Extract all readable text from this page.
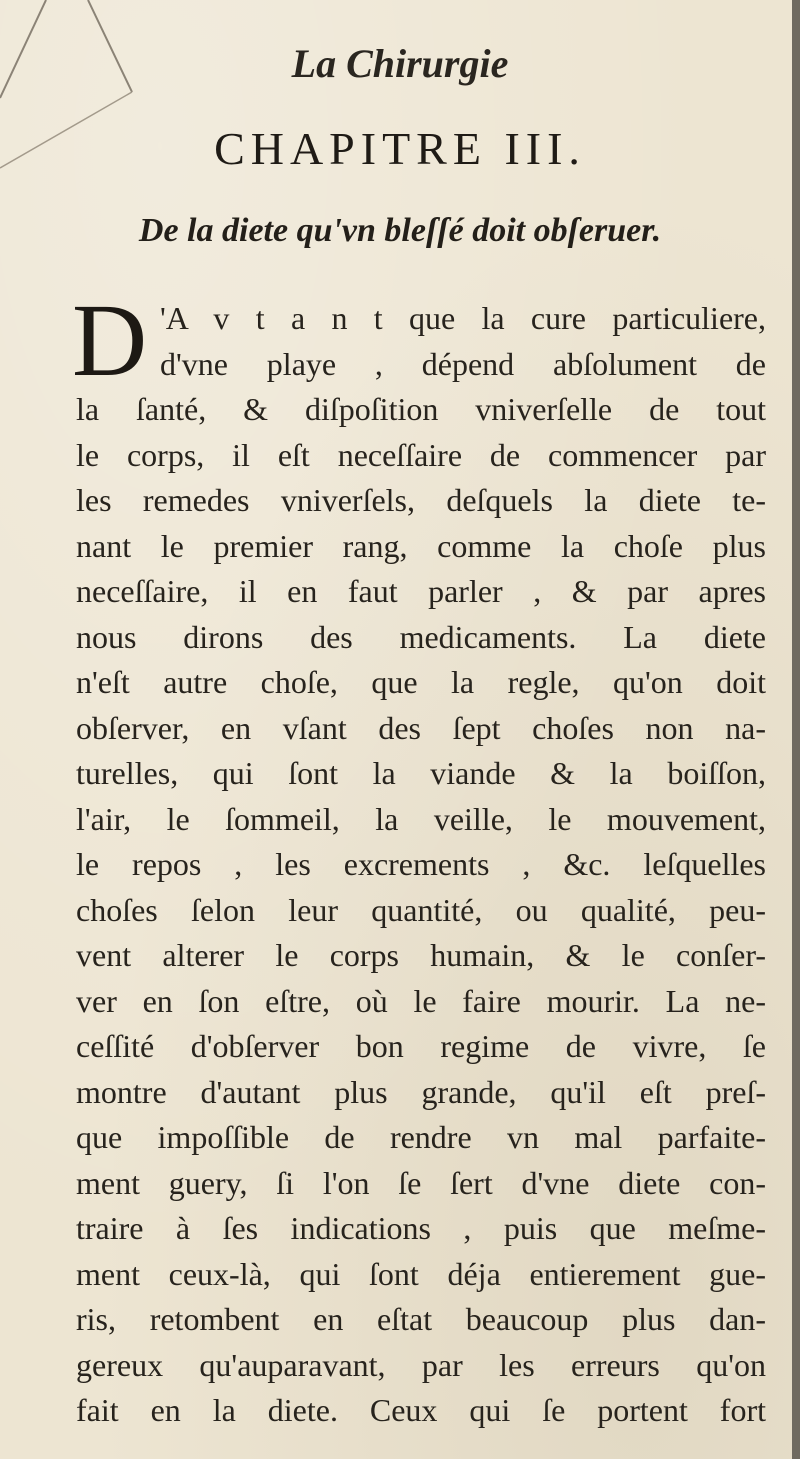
La Chirurgie
CHAPITRE III.
De la diete qu'vn bleſſé doit obſeruer.
D 'A v t a n t que la cure particuliere,
d'vne playe , dépend abſolument de
la ſanté, & diſpoſition vniverſelle de tout
le corps, il eſt neceſſaire de commencer par
les remedes vniverſels, deſquels la diete te-
nant le premier rang, comme la choſe plus
neceſſaire, il en faut parler , & par apres
nous dirons des medicaments. La diete
n'eſt autre choſe, que la regle, qu'on doit
obſerver, en vſant des ſept choſes non na-
turelles, qui ſont la viande & la boiſſon,
l'air, le ſommeil, la veille, le mouvement,
le repos , les excrements , &c. leſquelles
choſes ſelon leur quantité, ou qualité, peu-
vent alterer le corps humain, & le conſer-
ver en ſon eſtre, où le faire mourir. La ne-
ceſſité d'obſerver bon regime de vivre, ſe
montre d'autant plus grande, qu'il eſt preſ-
que impoſſible de rendre vn mal parfaite-
ment guery, ſi l'on ſe ſert d'vne diete con-
traire à ſes indications , puis que meſme-
ment ceux-là, qui ſont déja entierement gue-
ris, retombent en eſtat beaucoup plus dan-
gereux qu'auparavant, par les erreurs qu'on
fait en la diete. Ceux qui ſe portent fort
